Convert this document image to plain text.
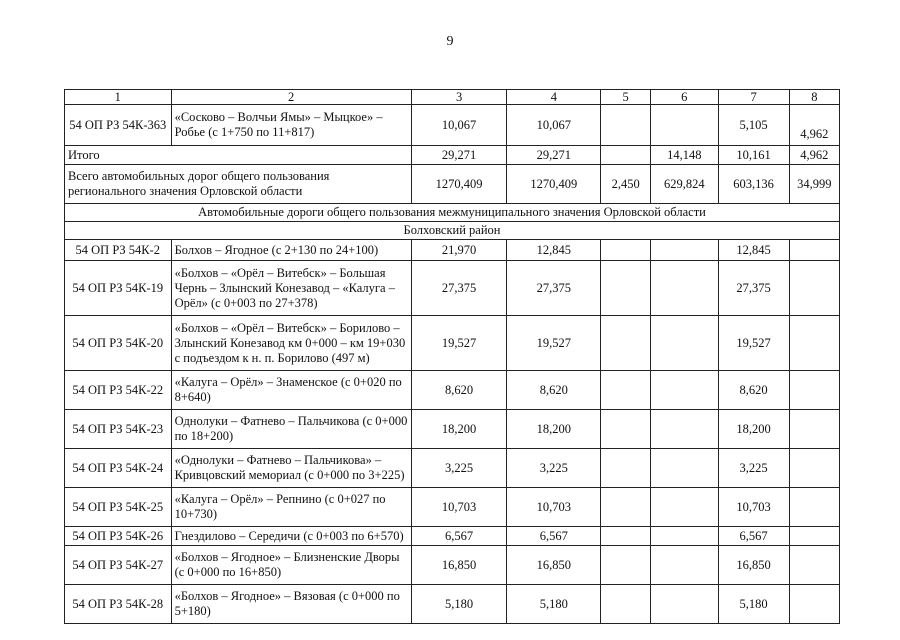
9
1	2	3	4	5	6	7	8
54 ОП РЗ 54К-363	«Сосково – Волчьи Ямы» – Мыцкое» – Робье (с 1+750 по 11+817)	10,067	10,067			5,105	4,962
Итого		29,271	29,271		14,148	10,161	4,962
Всего автомобильных дорог общего пользования регионального значения Орловской области		1270,409	1270,409	2,450	629,824	603,136	34,999
Автомобильные дороги общего пользования межмуниципального значения Орловской области							
Болховский район							
54 ОП РЗ 54К-2	Болхов – Ягодное (с 2+130 по 24+100)	21,970	12,845			12,845	
54 ОП РЗ 54К-19	«Болхов – «Орёл – Витебск» – Большая Чернь – Злынский Конезавод – «Калуга – Орёл» (с 0+003 по 27+378)	27,375	27,375			27,375	
54 ОП РЗ 54К-20	«Болхов – «Орёл – Витебск» – Борилово – Злынский Конезавод км 0+000 – км 19+030 с подъездом к н. п. Борилово (497 м)	19,527	19,527			19,527	
54 ОП РЗ 54К-22	«Калуга – Орёл» – Знаменское (с 0+020 по 8+640)	8,620	8,620			8,620	
54 ОП РЗ 54К-23	Однолуки – Фатнево – Пальчикова (с 0+000 по 18+200)	18,200	18,200			18,200	
54 ОП РЗ 54К-24	«Однолуки – Фатнево – Пальчикова» – Кривцовский мемориал (с 0+000 по 3+225)	3,225	3,225			3,225	
54 ОП РЗ 54К-25	«Калуга – Орёл» – Репнино (с 0+027 по 10+730)	10,703	10,703			10,703	
54 ОП РЗ 54К-26	Гнездилово – Середичи (с 0+003 по 6+570)	6,567	6,567			6,567	
54 ОП РЗ 54К-27	«Болхов – Ягодное» – Близненские Дворы (с 0+000 по 16+850)	16,850	16,850			16,850	
54 ОП РЗ 54К-28	«Болхов – Ягодное» – Вязовая (с 0+000 по 5+180)	5,180	5,180			5,180	
